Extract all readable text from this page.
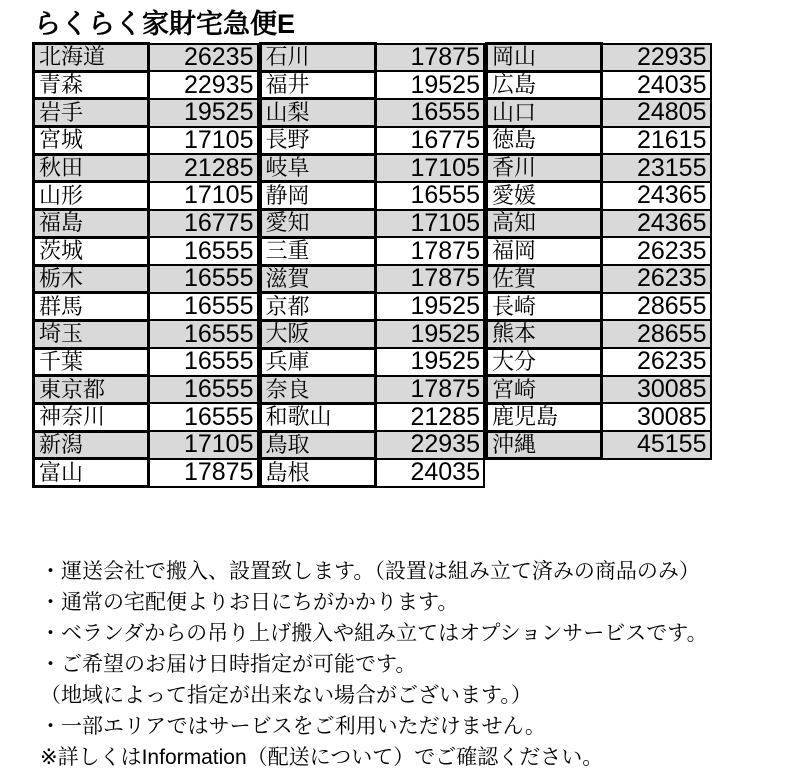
らくらく家財宅急便E
北海道	26235
青森	22935
岩手	19525
宮城	17105
秋田	21285
山形	17105
福島	16775
茨城	16555
栃木	16555
群馬	16555
埼玉	16555
千葉	16555
東京都	16555
神奈川	16555
新潟	17105
富山	17875
石川	17875
福井	19525
山梨	16555
長野	16775
岐阜	17105
静岡	16555
愛知	17105
三重	17875
滋賀	17875
京都	19525
大阪	19525
兵庫	19525
奈良	17875
和歌山	21285
鳥取	22935
島根	24035
岡山	22935
広島	24035
山口	24805
徳島	21615
香川	23155
愛媛	24365
高知	24365
福岡	26235
佐賀	26235
長崎	28655
熊本	28655
大分	26235
宮崎	30085
鹿児島	30085
沖縄	45155
・運送会社で搬入、設置致します。（設置は組み立て済みの商品のみ）
・通常の宅配便よりお日にちがかかります。
・ベランダからの吊り上げ搬入や組み立てはオプションサービスです。
・ご希望のお届け日時指定が可能です。
（地域によって指定が出来ない場合がございます。）
・一部エリアではサービスをご利用いただけません。
※詳しくはInformation（配送について）でご確認ください。
